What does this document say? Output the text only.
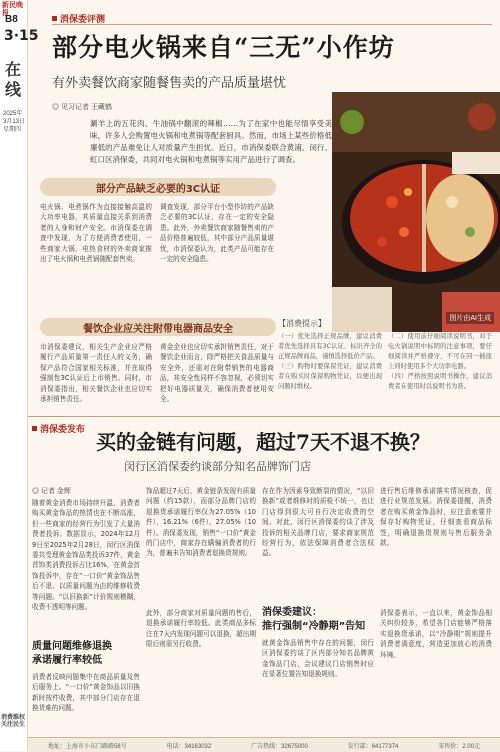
新民晚报
B8
3·15
在线
2025年 3月13日 星期四
消费维权 关注民生
消保委评测
部分电火锅来自“三无”小作坊
有外卖餐饮商家随餐售卖的产品质量堪忧
◎ 见习记者 王藏鹤
涮羊上的五花肉、牛油锅中翻滚的辣椒……为了在家中也能尽情享受美味，许多人会购置电火锅和电煮锅等配套厨具。然而，市场上某些价格低廉低的产品难免让人对质量产生担忧。近日，市消保委联合黄浦、闵行、虹口区消保委，共同对电火锅和电煮锅等实用产品进行了调查。
图片由AI生成
部分产品缺乏必要的3C认证
电火锅、电煮锅作为直接接触高温的大功率电器，其质量直接关系到消费者的人身和财产安全。市消保委在调查中发现，为了方便消费者使用，一些商家大锅、电热食材的外卖商家推出了电火锅和电煮锅随配套售卖。
调查发现，部分平台小型作坊的产品缺乏必要的3C认证，存在一定的安全隐患。此外，外卖餐饮商家随餐售卖的产品价格普遍较低，其中部分产品质量堪忧，市消保委认为，此类产品可能存在一定的安全隐患。
餐饮企业应关注附带电器商品安全
市消保委建议，相关生产企业应严格履行产品质量第一责任人的义务，确保产品符合国家相关标准，并在取得强制性3C认证后上市销售。同时，市消保委指出，相关餐饮企业也应切实承担销售责任。
黄金企业也应切实承担销售责任，对于餐饮企业而言，除严格把关食品质量与安全外，还需对在附带销售的电器商品，其安全性同样不容忽视，必须切实把好电器质量关，确保消费者使用安全。
【消费提示】
（一）优先选择正规品牌，建议消费者优先选择具有3C认证、标识齐全的正规品牌商品，谨慎选择低价产品。
（三）购物时要保留凭证，建议消费者在购买时保留购物凭证，以便出现问题时维权。
（二）使用前仔细阅读说明书，对于电火锅说明中标明的注意事项，要仔细阅读并严格遵守，不可在同一插座上同时使用多个大功率电器。
（四）严格按照说明书操作，建议消费者在使用时以说明书为准。
消保委发布
买的金链有问题，超过7天不退不换？
闵行区消保委约谈部分知名品牌饰门店
◎ 记者 金辉
随着黄金消费市场持续升温，消费者购买黄金饰品的热情也在不断高涨，但一些商家的经营行为引发了大量消费者投诉。数据显示，2024年12月9日至2025年2月28日，闵行区消保委共受理黄金饰品类投诉37件，黄金首饰类消费投诉占比16%，在黄金首饰投诉中，存在“一口价”黄金饰品售后不退、以质量问题为由的维修收费等问题。“以旧换新”计价规则模糊，收费不透明等问题。
质量问题维修退换
承诺履行率较低
消费者反映问题集中在商品质量及售后服务上。“一口价”黄金饰品以旧换新时按件收费，其中部分门店存在退换货难的问题。
饰品超过7天后，黄金链条发现有质量问题（约15款），而部分品牌门店的退换货承诺履行率仅为27.05%（10件），16.21%（6件），27.05%（10件）。消保委发现，销售“一口价”黄金的门店中，商家存在瞒骗消费者的行为，普遍未告知消费者退换货规则。
此外，部分商家对质量问题的售后，退换承诺履行率较低。此类商品多标注在7天内发现问题可以退换，超出期限后则需另行收费。
存在作为因素导致断裂的情况，“以旧换新”或者维修时的质检不统一，也让门店得到很大可自行决定收费的空间。对此，闵行区消保委约谈了涉及投诉的相关品牌门店，要求商家规范经营行为，依法保障消费者合法权益。
消保委建议：
推行强制“冷静期”告知
就黄金饰品销售中存在的问题，闵行区消保委约谈了区内部分知名品牌黄金饰品门店，会议建议门店销售时应在显著位置告知退换规则。
进行售后维修承诺落实情况核查，促进行业规范发展。消保委提醒，消费者在购买黄金饰品时，应注意索要并保存好购物凭证，仔细查看商品标签，明确退换货规则与售后服务条款。
消保委表示，一直以来，黄金饰品相关纠纷较多，希望各门店能够严格落实退换货承诺，以“冷静期”规则提升消费者满意度，营造更加放心的消费环境。
地址：上海市小东门路路58号	电话：34163032	广告热线：32675000	发行部：64177374	零售价：2.00元
